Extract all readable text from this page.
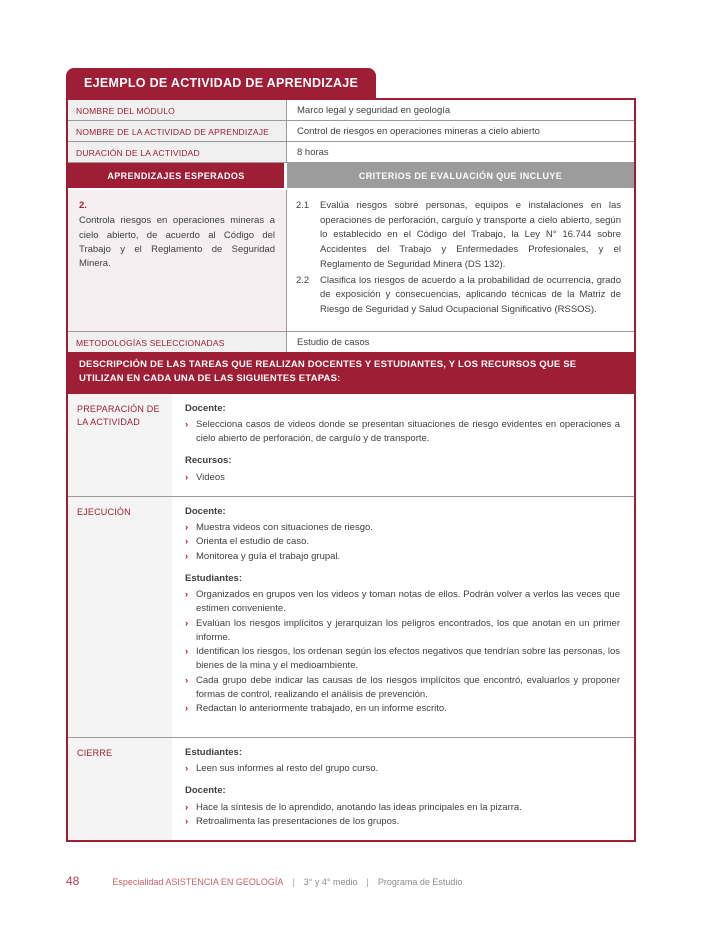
EJEMPLO DE ACTIVIDAD DE APRENDIZAJE
NOMBRE DEL MÓDULO	Marco legal y seguridad en geología
NOMBRE DE LA ACTIVIDAD DE APRENDIZAJE	Control de riesgos en operaciones mineras a cielo abierto
DURACIÓN DE LA ACTIVIDAD	8 horas
APRENDIZAJES ESPERADOS	CRITERIOS DE EVALUACIÓN QUE INCLUYE
2.
Controla riesgos en operaciones mineras a cielo abierto, de acuerdo al Código del Trabajo y el Reglamento de Seguridad Minera.
2.1	Evalúa riesgos sobre personas, equipos e instalaciones en las operaciones de perforación, carguío y transporte a cielo abierto, según lo establecido en el Código del Trabajo, la Ley N° 16.744 sobre Accidentes del Trabajo y Enfermedades Profesionales, y el Reglamento de Seguridad Minera (DS 132).
2.2	Clasifica los riesgos de acuerdo a la probabilidad de ocurrencia, grado de exposición y consecuencias, aplicando técnicas de la Matriz de Riesgo de Seguridad y Salud Ocupacional Significativo (RSSOS).
METODOLOGÍAS SELECCIONADAS	Estudio de casos
DESCRIPCIÓN DE LAS TAREAS QUE REALIZAN DOCENTES Y ESTUDIANTES, Y LOS RECURSOS QUE SE UTILIZAN EN CADA UNA DE LAS SIGUIENTES ETAPAS:
PREPARACIÓN DE LA ACTIVIDAD
Docente:
› Selecciona casos de videos donde se presentan situaciones de riesgo evidentes en operaciones a cielo abierto de perforación, de carguío y de transporte.
Recursos:
› Videos
EJECUCIÓN	Docente:
› Muestra videos con situaciones de riesgo.
› Orienta el estudio de caso.
› Monitorea y guía el trabajo grupal.
Estudiantes:
› Organizados en grupos ven los videos y toman notas de ellos. Podrán volver a verlos las veces que estimen conveniente.
› Evalúan los riesgos implícitos y jerarquizan los peligros encontrados, los que anotan en un primer informe.
› Identifican los riesgos, los ordenan según los efectos negativos que tendrían sobre las personas, los bienes de la mina y el medioambiente.
› Cada grupo debe indicar las causas de los riesgos implícitos que encontró, evaluarlos y proponer formas de control, realizando el análisis de prevención.
› Redactan lo anteriormente trabajado, en un informe escrito.
CIERRE	Estudiantes:
› Leen sus informes al resto del grupo curso.
Docente:
› Hace la síntesis de lo aprendido, anotando las ideas principales en la pizarra.
› Retroalimenta las presentaciones de los grupos.
48	Especialidad ASISTENCIA EN GEOLOGÍA | 3° y 4° medio | Programa de Estudio
